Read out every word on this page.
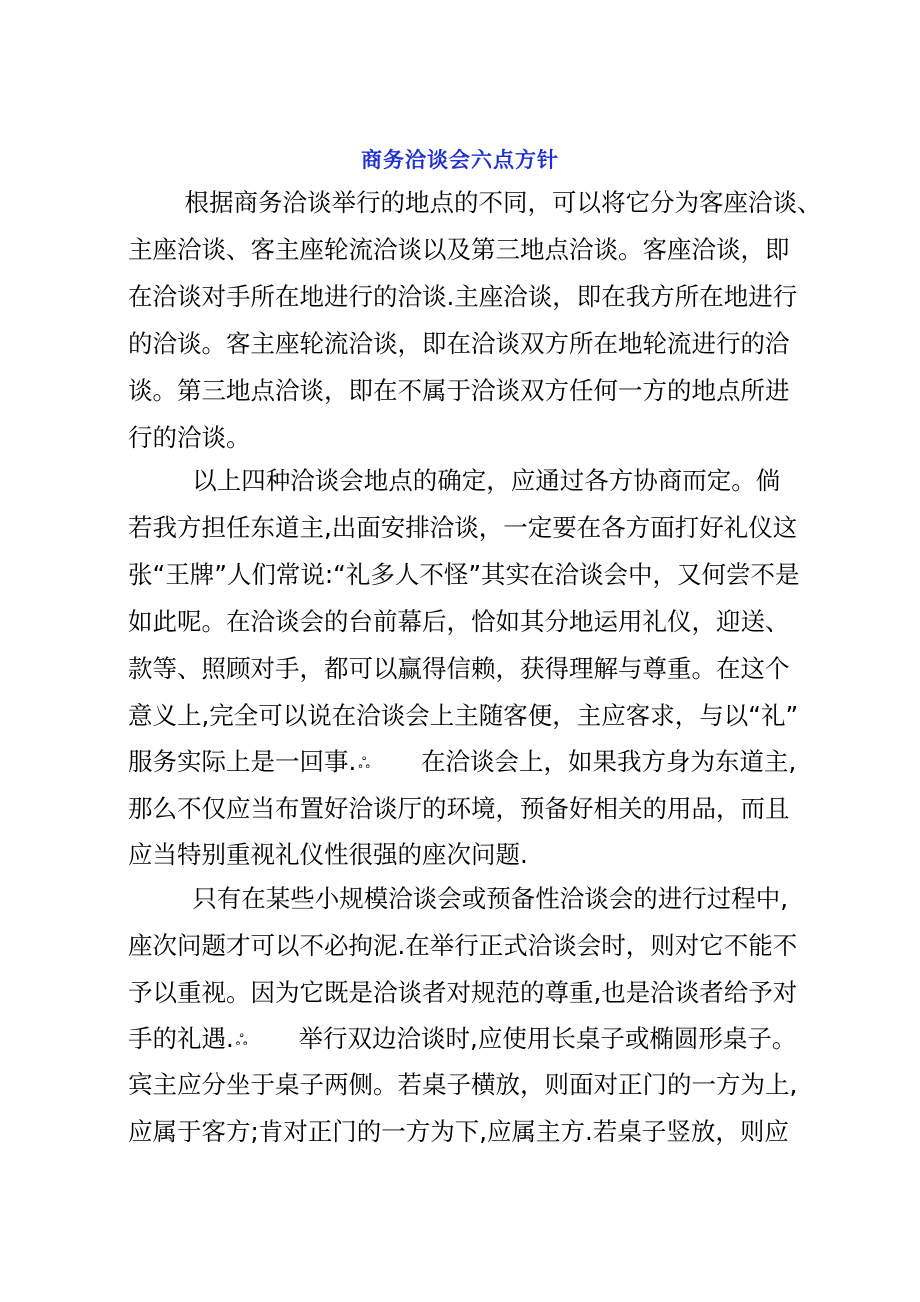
商务洽谈会六点方针
　根据商务洽谈举行的地点的不同，可以将它分为客座洽谈、
主座洽谈、客主座轮流洽谈以及第三地点洽谈。客座洽谈，即
在洽谈对手所在地进行的洽谈.主座洽谈，即在我方所在地进行
的洽谈。客主座轮流洽谈，即在洽谈双方所在地轮流进行的洽
谈。第三地点洽谈，即在不属于洽谈双方任何一方的地点所进
行的洽谈。
　 以上四种洽谈会地点的确定，应通过各方协商而定。倘
若我方担任东道主,出面安排洽谈，一定要在各方面打好礼仪这
张“王牌”人们常说:“礼多人不怪”其实在洽谈会中，又何尝不是
如此呢。在洽谈会的台前幕后，恰如其分地运用礼仪，迎送、
款等、照顾对手，都可以赢得信赖，获得理解与尊重。在这个
意义上,完全可以说在洽谈会上主随客便，主应客求，与以“礼”
服务实际上是一回事. ஃ　　在洽谈会上，如果我方身为东道主,
那么不仅应当布置好洽谈厅的环境，预备好相关的用品，而且
应当特别重视礼仪性很强的座次问题.
　 只有在某些小规模洽谈会或预备性洽谈会的进行过程中,
座次问题才可以不必拘泥.在举行正式洽谈会时，则对它不能不
予以重视。因为它既是洽谈者对规范的尊重,也是洽谈者给予对
手的礼遇. ஃ　　举行双边洽谈时,应使用长桌子或椭圆形桌子。
宾主应分坐于桌子两侧。若桌子横放，则面对正门的一方为上,
应属于客方;肯对正门的一方为下,应属主方.若桌子竖放，则应
